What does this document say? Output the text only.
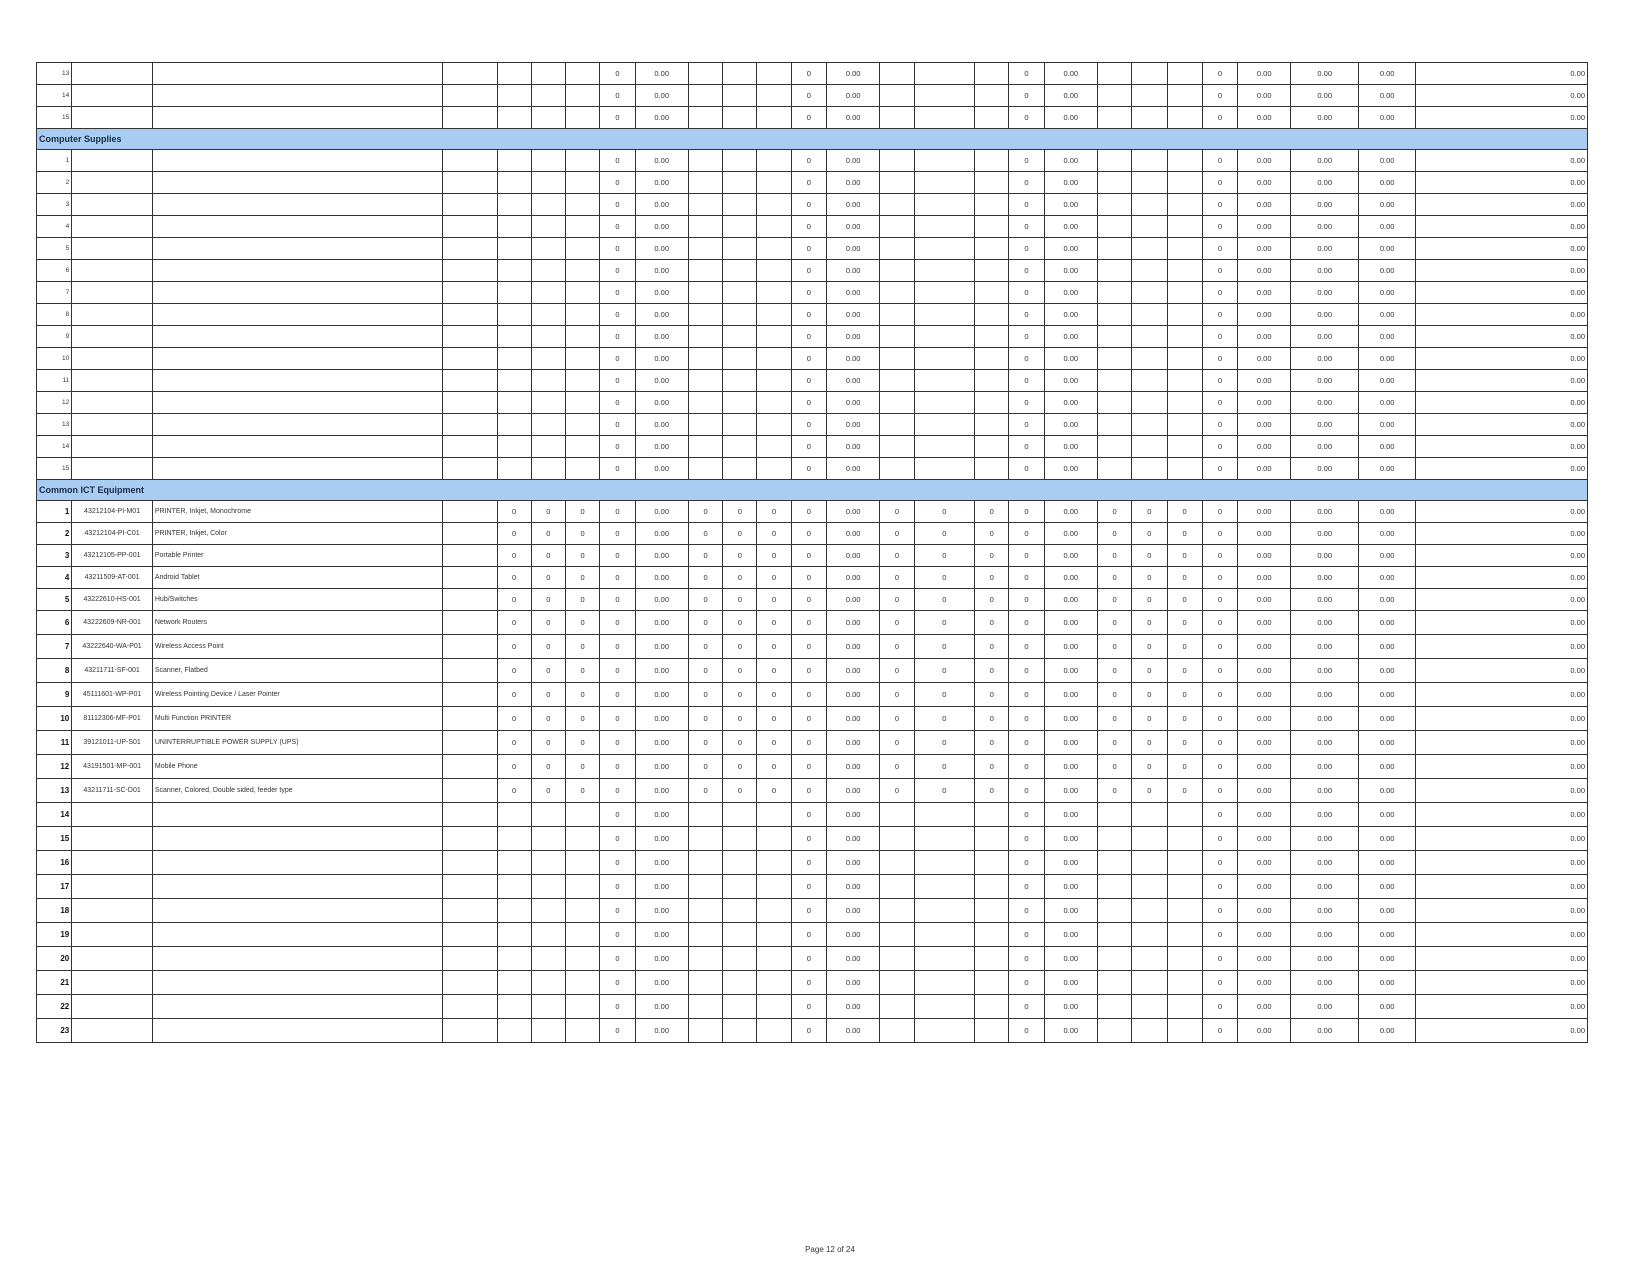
13							0	0.00				0	0.00				0	0.00				0	0.00	0.00	0.00	0.00
14							0	0.00				0	0.00				0	0.00				0	0.00	0.00	0.00	0.00
15							0	0.00				0	0.00				0	0.00				0	0.00	0.00	0.00	0.00
Computer Supplies																										
1							0	0.00				0	0.00				0	0.00				0	0.00	0.00	0.00	0.00
2							0	0.00				0	0.00				0	0.00				0	0.00	0.00	0.00	0.00
3							0	0.00				0	0.00				0	0.00				0	0.00	0.00	0.00	0.00
4							0	0.00				0	0.00				0	0.00				0	0.00	0.00	0.00	0.00
5							0	0.00				0	0.00				0	0.00				0	0.00	0.00	0.00	0.00
6							0	0.00				0	0.00				0	0.00				0	0.00	0.00	0.00	0.00
7							0	0.00				0	0.00				0	0.00				0	0.00	0.00	0.00	0.00
8							0	0.00				0	0.00				0	0.00				0	0.00	0.00	0.00	0.00
9							0	0.00				0	0.00				0	0.00				0	0.00	0.00	0.00	0.00
10							0	0.00				0	0.00				0	0.00				0	0.00	0.00	0.00	0.00
11							0	0.00				0	0.00				0	0.00				0	0.00	0.00	0.00	0.00
12							0	0.00				0	0.00				0	0.00				0	0.00	0.00	0.00	0.00
13							0	0.00				0	0.00				0	0.00				0	0.00	0.00	0.00	0.00
14							0	0.00				0	0.00				0	0.00				0	0.00	0.00	0.00	0.00
15							0	0.00				0	0.00				0	0.00				0	0.00	0.00	0.00	0.00
Common ICT Equipment																										
1	43212104-PI-M01	PRINTER, Inkjet, Monochrome		0	0	0	0	0.00	0	0	0	0	0.00	0	0	0	0	0.00	0	0	0	0	0.00	0.00	0.00	0.00
2	43212104-PI-C01	PRINTER, Inkjet, Color		0	0	0	0	0.00	0	0	0	0	0.00	0	0	0	0	0.00	0	0	0	0	0.00	0.00	0.00	0.00
3	43212105-PP-001	Portable Printer		0	0	0	0	0.00	0	0	0	0	0.00	0	0	0	0	0.00	0	0	0	0	0.00	0.00	0.00	0.00
4	43211509-AT-001	Android Tablet		0	0	0	0	0.00	0	0	0	0	0.00	0	0	0	0	0.00	0	0	0	0	0.00	0.00	0.00	0.00
5	43222610-HS-001	Hub/Switches		0	0	0	0	0.00	0	0	0	0	0.00	0	0	0	0	0.00	0	0	0	0	0.00	0.00	0.00	0.00
6	43222609-NR-001	Network Routers		0	0	0	0	0.00	0	0	0	0	0.00	0	0	0	0	0.00	0	0	0	0	0.00	0.00	0.00	0.00
7	43222640-WA-P01	Wireless Access Point		0	0	0	0	0.00	0	0	0	0	0.00	0	0	0	0	0.00	0	0	0	0	0.00	0.00	0.00	0.00
8	43211711-SF-001	Scanner, Flatbed		0	0	0	0	0.00	0	0	0	0	0.00	0	0	0	0	0.00	0	0	0	0	0.00	0.00	0.00	0.00
9	45111601-WP-P01	Wireless Pointing Device / Laser Pointer		0	0	0	0	0.00	0	0	0	0	0.00	0	0	0	0	0.00	0	0	0	0	0.00	0.00	0.00	0.00
10	81112306-MF-P01	Multi Function PRINTER		0	0	0	0	0.00	0	0	0	0	0.00	0	0	0	0	0.00	0	0	0	0	0.00	0.00	0.00	0.00
11	39121011-UP-S01	UNINTERRUPTIBLE POWER SUPPLY (UPS)		0	0	0	0	0.00	0	0	0	0	0.00	0	0	0	0	0.00	0	0	0	0	0.00	0.00	0.00	0.00
12	43191501-MP-001	Mobile Phone		0	0	0	0	0.00	0	0	0	0	0.00	0	0	0	0	0.00	0	0	0	0	0.00	0.00	0.00	0.00
13	43211711-SC-D01	Scanner, Colored, Double sided, feeder type		0	0	0	0	0.00	0	0	0	0	0.00	0	0	0	0	0.00	0	0	0	0	0.00	0.00	0.00	0.00
14							0	0.00				0	0.00				0	0.00				0	0.00	0.00	0.00	0.00
15							0	0.00				0	0.00				0	0.00				0	0.00	0.00	0.00	0.00
16							0	0.00				0	0.00				0	0.00				0	0.00	0.00	0.00	0.00
17							0	0.00				0	0.00				0	0.00				0	0.00	0.00	0.00	0.00
18							0	0.00				0	0.00				0	0.00				0	0.00	0.00	0.00	0.00
19							0	0.00				0	0.00				0	0.00				0	0.00	0.00	0.00	0.00
20							0	0.00				0	0.00				0	0.00				0	0.00	0.00	0.00	0.00
21							0	0.00				0	0.00				0	0.00				0	0.00	0.00	0.00	0.00
22							0	0.00				0	0.00				0	0.00				0	0.00	0.00	0.00	0.00
23							0	0.00				0	0.00				0	0.00				0	0.00	0.00	0.00	0.00
Page 12 of 24
